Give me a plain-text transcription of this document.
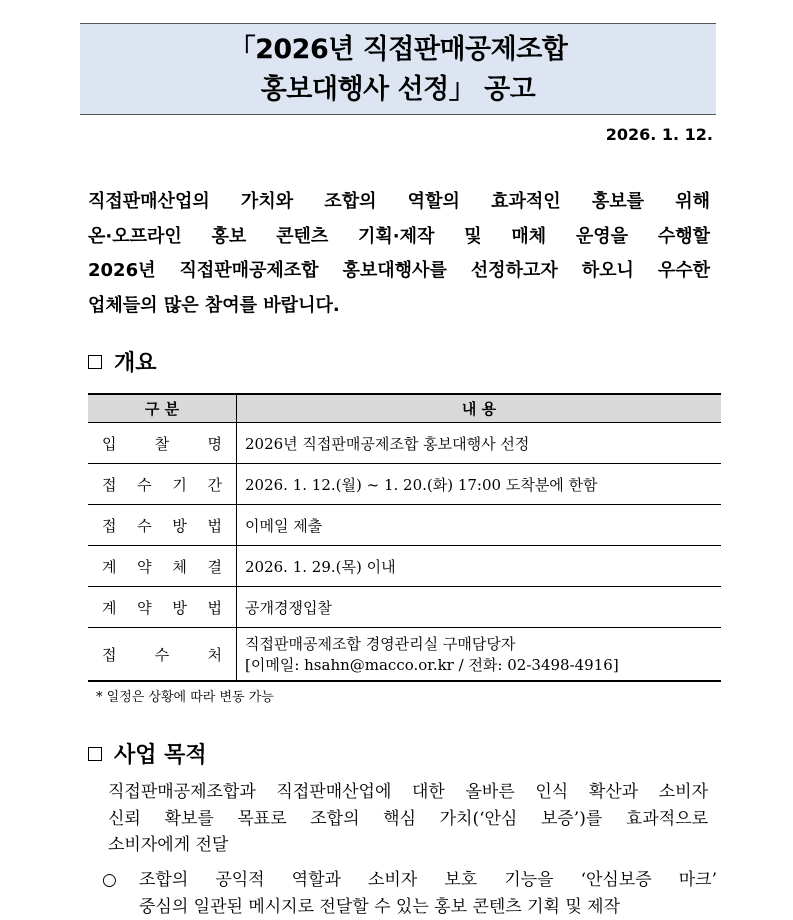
「2026년 직접판매공제조합
홍보대행사 선정」 공고
2026. 1. 12.
직접판매산업의 가치와 조합의 역할의 효과적인 홍보를 위해
온·오프라인 홍보 콘텐츠 기획·제작 및 매체 운영을 수행할
2026년 직접판매공제조합 홍보대행사를 선정하고자 하오니 우수한
업체들의 많은 참여를 바랍니다.
개요
구 분	내 용

입 찰 명	2026년 직접판매공제조합 홍보대행사 선정

접 수 기 간	2026. 1. 12.(월) ~ 1. 20.(화) 17:00 도착분에 한함

접 수 방 법	이메일 제출

계 약 체 결	2026. 1. 29.(목) 이내

계 약 방 법	공개경쟁입찰

접 수 처	직접판매공제조합 경영관리실 구매담당자
[이메일: hsahn@macco.or.kr / 전화: 02-3498-4916]
* 일정은 상황에 따라 변동 가능
사업 목적
직접판매공제조합과 직접판매산업에 대한 올바른 인식 확산과 소비자
신뢰 확보를 목표로 조합의 핵심 가치(‘안심 보증’)를 효과적으로
소비자에게 전달
○	조합의 공익적 역할과 소비자 보호 기능을 ‘안심보증 마크’
중심의 일관된 메시지로 전달할 수 있는 홍보 콘텐츠 기획 및 제작
